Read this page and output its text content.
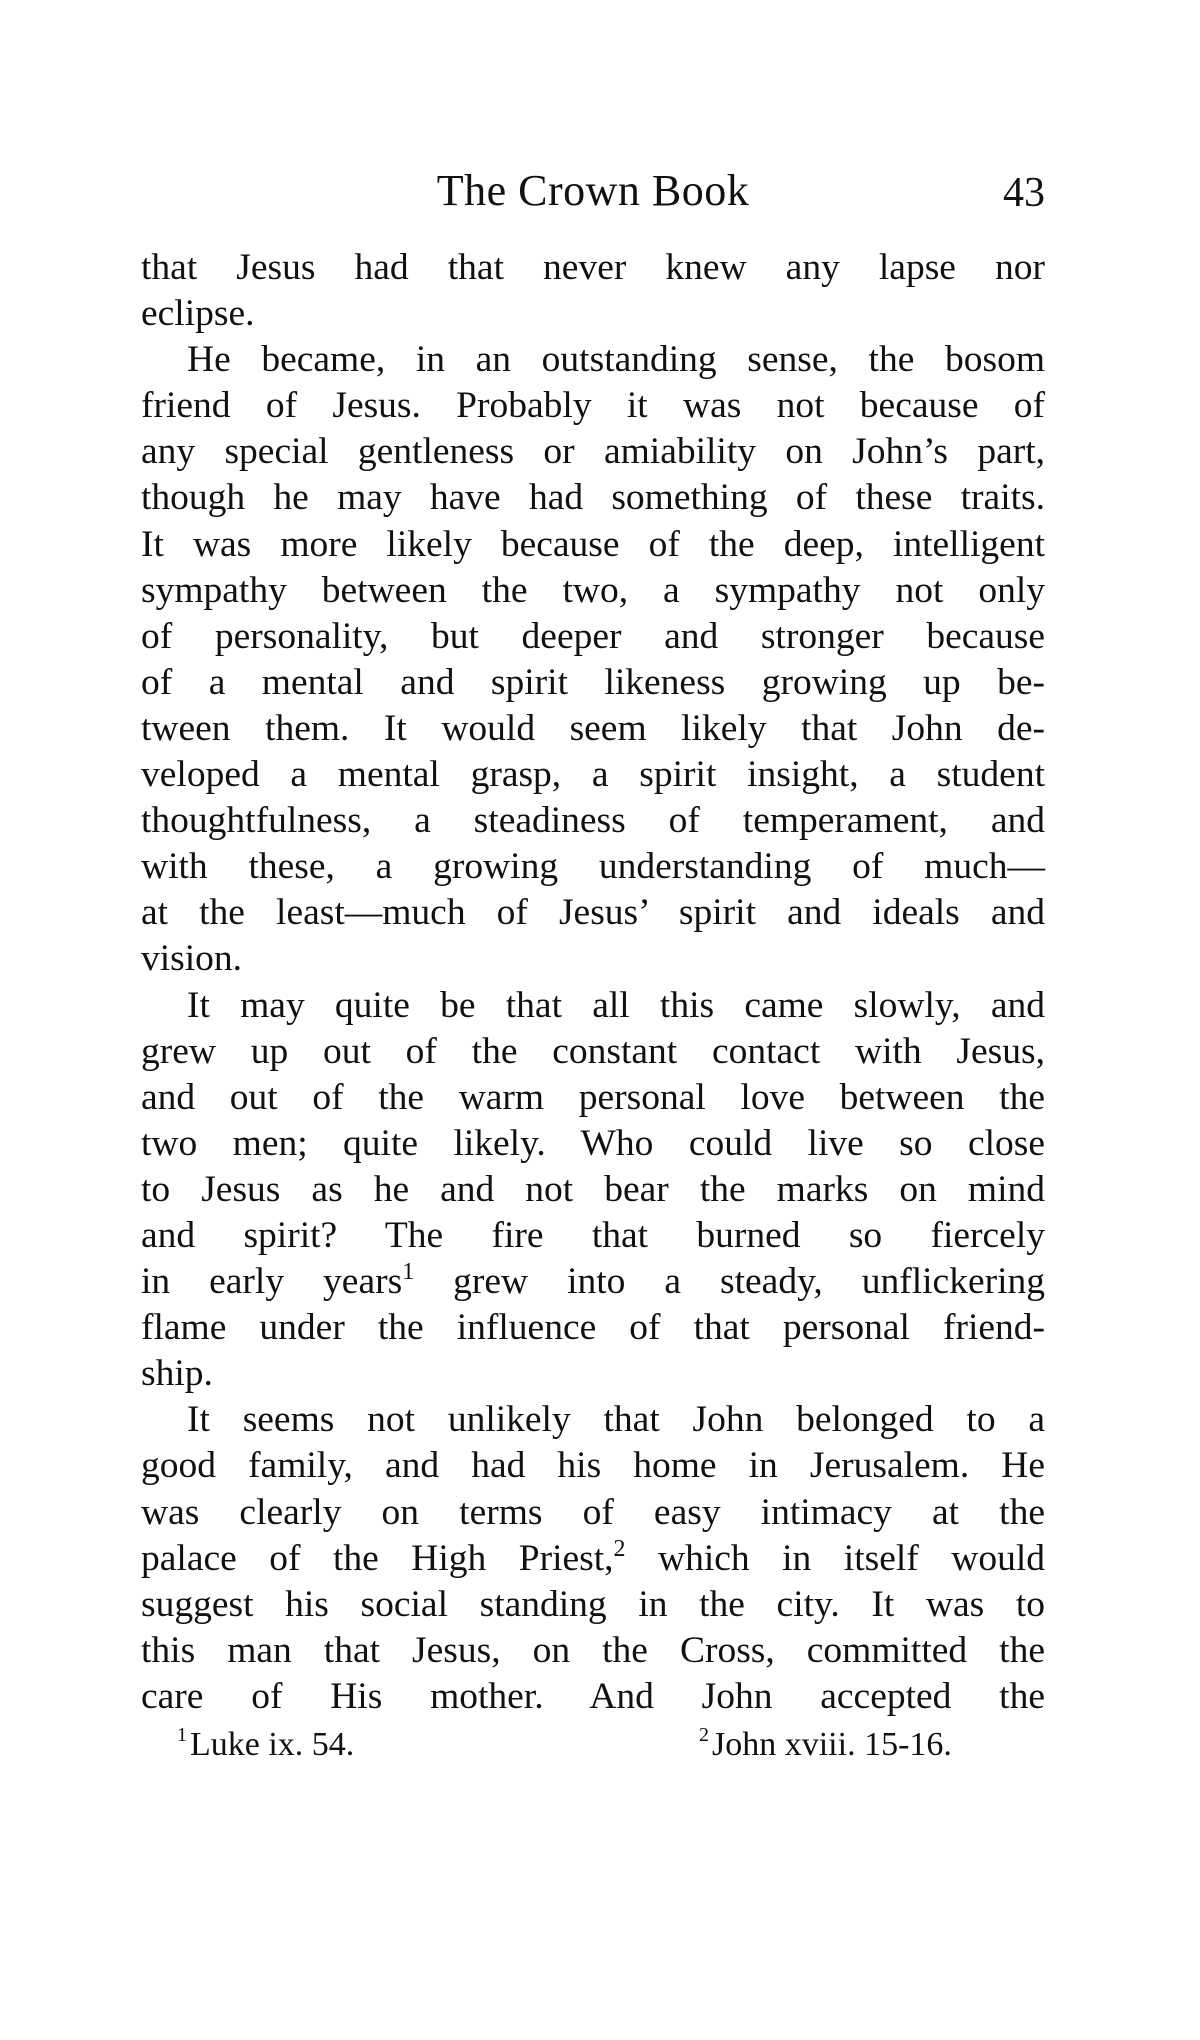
The Crown Book	43
that Jesus had that never knew any lapse nor
eclipse.
He became, in an outstanding sense, the bosom
friend of Jesus. Probably it was not because of
any special gentleness or amiability on John’s part,
though he may have had something of these traits.
It was more likely because of the deep, intelligent
sympathy between the two, a sympathy not only
of personality, but deeper and stronger because
of a mental and spirit likeness growing up be-
tween them. It would seem likely that John de-
veloped a mental grasp, a spirit insight, a student
thoughtfulness, a steadiness of temperament, and
with these, a growing understanding of much—
at the least—much of Jesus’ spirit and ideals and
vision.
It may quite be that all this came slowly, and
grew up out of the constant contact with Jesus,
and out of the warm personal love between the
two men; quite likely. Who could live so close
to Jesus as he and not bear the marks on mind
and spirit? The fire that burned so fiercely
in early years$^1$ grew into a steady, unflickering
flame under the influence of that personal friend-
ship.
It seems not unlikely that John belonged to a
good family, and had his home in Jerusalem. He
was clearly on terms of easy intimacy at the
palace of the High Priest,$^2$ which in itself would
suggest his social standing in the city. It was to
this man that Jesus, on the Cross, committed the
care of His mother. And John accepted the
$^1$Luke ix. 54.	$^2$John xviii. 15-16.
